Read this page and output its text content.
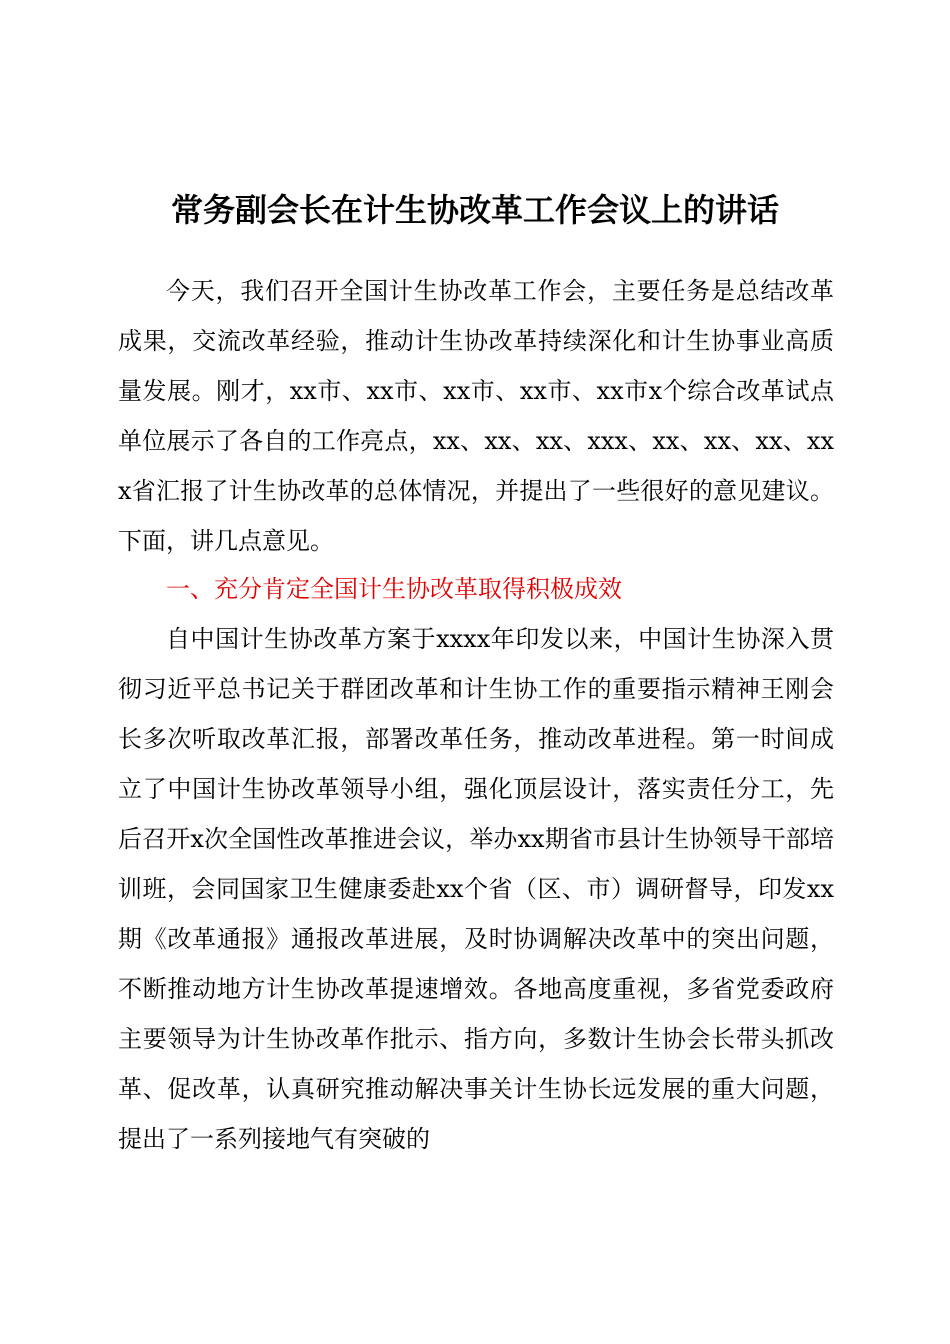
常务副会长在计生协改革工作会议上的讲话

今天，我们召开全国计生协改革工作会，主要任务是总结改革成果，交流改革经验，推动计生协改革持续深化和计生协事业高质量发展。刚才，xx市、xx市、xx市、xx市、xx市x个综合改革试点单位展示了各自的工作亮点，xx、xx、xx、xxx、xx、xx、xx、xxx省汇报了计生协改革的总体情况，并提出了一些很好的意见建议。下面，讲几点意见。

一、充分肯定全国计生协改革取得积极成效

自中国计生协改革方案于xxxx年印发以来，中国计生协深入贯彻习近平总书记关于群团改革和计生协工作的重要指示精神王刚会长多次听取改革汇报，部署改革任务，推动改革进程。第一时间成立了中国计生协改革领导小组，强化顶层设计，落实责任分工，先后召开x次全国性改革推进会议，举办xx期省市县计生协领导干部培训班，会同国家卫生健康委赴xx个省（区、市）调研督导，印发xx期《改革通报》通报改革进展，及时协调解决改革中的突出问题，不断推动地方计生协改革提速增效。各地高度重视，多省党委政府主要领导为计生协改革作批示、指方向，多数计生协会长带头抓改革、促改革，认真研究推动解决事关计生协长远发展的重大问题，提出了一系列接地气有突破的
